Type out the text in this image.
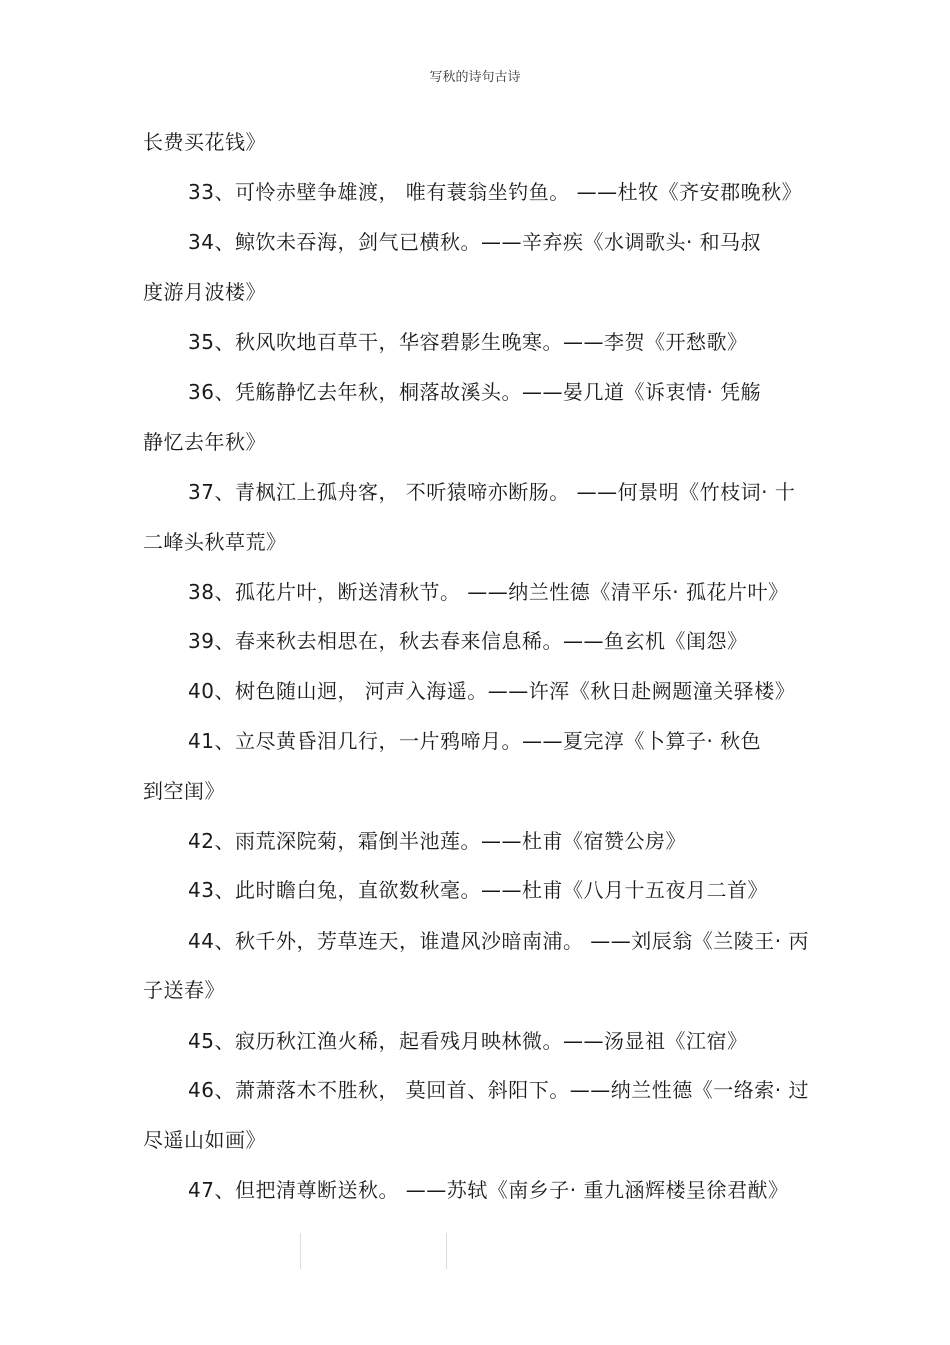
写秋的诗句古诗
长费买花钱》
33、可怜赤壁争雄渡， 唯有蓑翁坐钓鱼。 ——杜牧《齐安郡晚秋》
34、鲸饮未吞海，剑气已横秋。——辛弃疾《水调歌头· 和马叔
度游月波楼》
35、秋风吹地百草干，华容碧影生晚寒。——李贺《开愁歌》
36、凭觞静忆去年秋，桐落故溪头。——晏几道《诉衷情· 凭觞
静忆去年秋》
37、青枫江上孤舟客， 不听猿啼亦断肠。 ——何景明《竹枝词· 十
二峰头秋草荒》
38、孤花片叶，断送清秋节。 ——纳兰性德《清平乐· 孤花片叶》
39、春来秋去相思在，秋去春来信息稀。——鱼玄机《闺怨》
40、树色随山迥， 河声入海遥。——许浑《秋日赴阙题潼关驿楼》
41、立尽黄昏泪几行，一片鸦啼月。——夏完淳《卜算子· 秋色
到空闺》
42、雨荒深院菊，霜倒半池莲。——杜甫《宿赞公房》
43、此时瞻白兔，直欲数秋毫。——杜甫《八月十五夜月二首》
44、秋千外，芳草连天，谁遣风沙暗南浦。 ——刘辰翁《兰陵王· 丙
子送春》
45、寂历秋江渔火稀，起看残月映林微。——汤显祖《江宿》
46、萧萧落木不胜秋， 莫回首、斜阳下。——纳兰性德《一络索· 过
尽遥山如画》
47、但把清尊断送秋。 ——苏轼《南乡子· 重九涵辉楼呈徐君猷》
